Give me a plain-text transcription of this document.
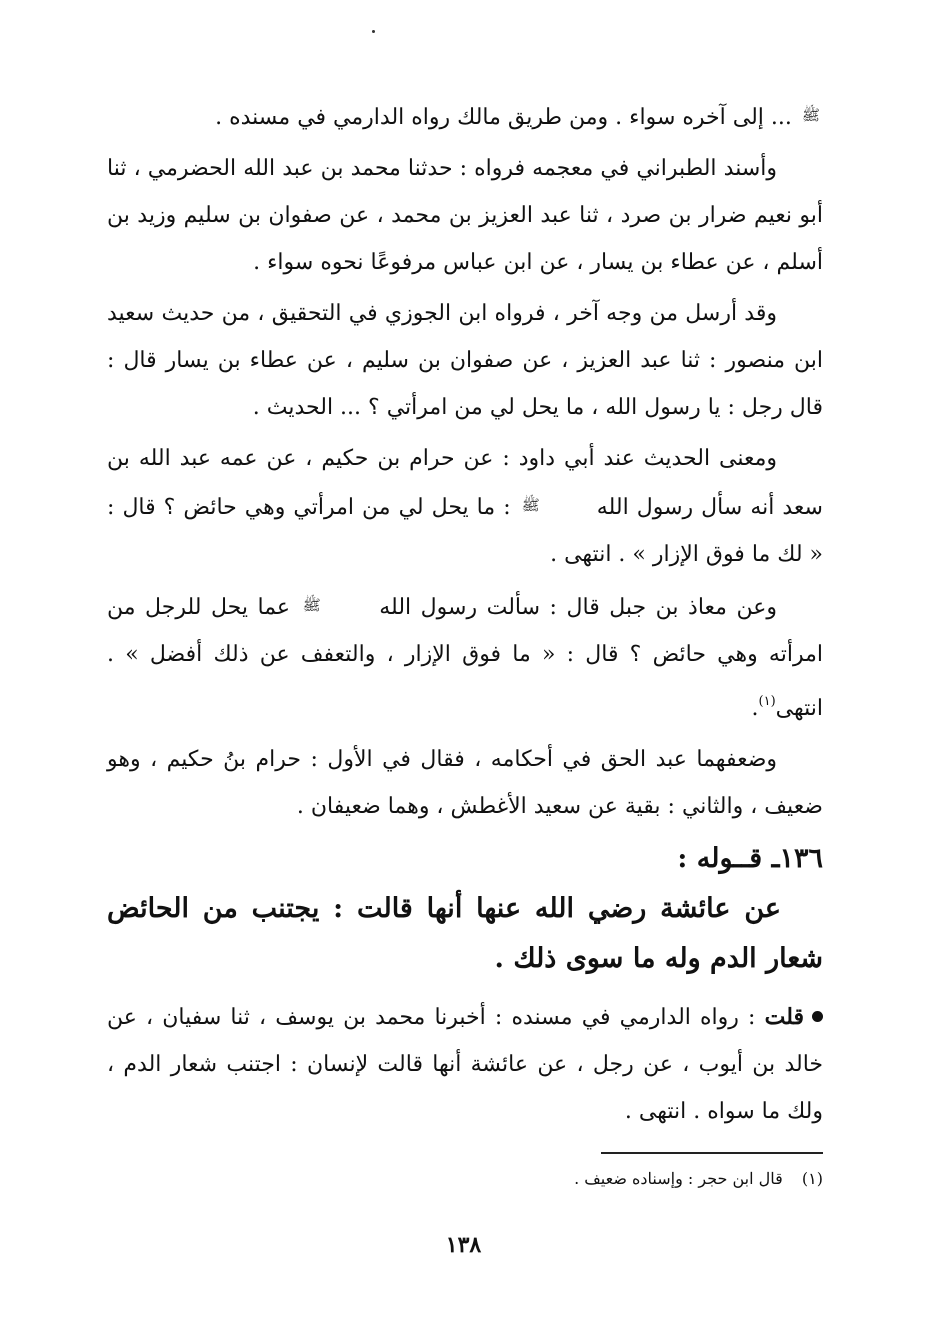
ﷺ ... إلى آخره سواء . ومن طريق مالك رواه الدارمي في مسنده .

وأسند الطبراني في معجمه فرواه : حدثنا محمد بن عبد الله الحضرمي ، ثنا أبو نعيم ضرار بن صرد ، ثنا عبد العزيز بن محمد ، عن صفوان بن سليم وزيد بن أسلم ، عن عطاء بن يسار ، عن ابن عباس مرفوعًا نحوه سواء .

وقد أرسل من وجه آخر ، فرواه ابن الجوزي في التحقيق ، من حديث سعيد ابن منصور : ثنا عبد العزيز ، عن صفوان بن سليم ، عن عطاء بن يسار قال : قال رجل : يا رسول الله ، ما يحل لي من امرأتي ؟ ... الحديث .

ومعنى الحديث عند أبي داود : عن حرام بن حكيم ، عن عمه عبد الله بن سعد أنه سأل رسول الله ﷺ : ما يحل لي من امرأتي وهي حائض ؟ قال : « لك ما فوق الإزار » . انتهى .

وعن معاذ بن جبل قال : سألت رسول الله ﷺ عما يحل للرجل من امرأته وهي حائض ؟ قال : « ما فوق الإزار ، والتعفف عن ذلك أفضل » . انتهى$^{(١)}$.

وضعفهما عبد الحق في أحكامه ، فقال في الأول : حرام بنُ حكيم ، وهو ضعيف ، والثاني : بقية عن سعيد الأغطش ، وهما ضعيفان .

١٣٦ـ قــوله :

عن عائشة رضي الله عنها أنها قالت : يجتنب من الحائض شعار الدم وله ما سوى ذلك .

قلت : رواه الدارمي في مسنده : أخبرنا محمد بن يوسف ، ثنا سفيان ، عن خالد بن أيوب ، عن رجل ، عن عائشة أنها قالت لإنسان : اجتنب شعار الدم ، ولك ما سواه . انتهى .

(١) قال ابن حجر : وإسناده ضعيف .
١٣٨
